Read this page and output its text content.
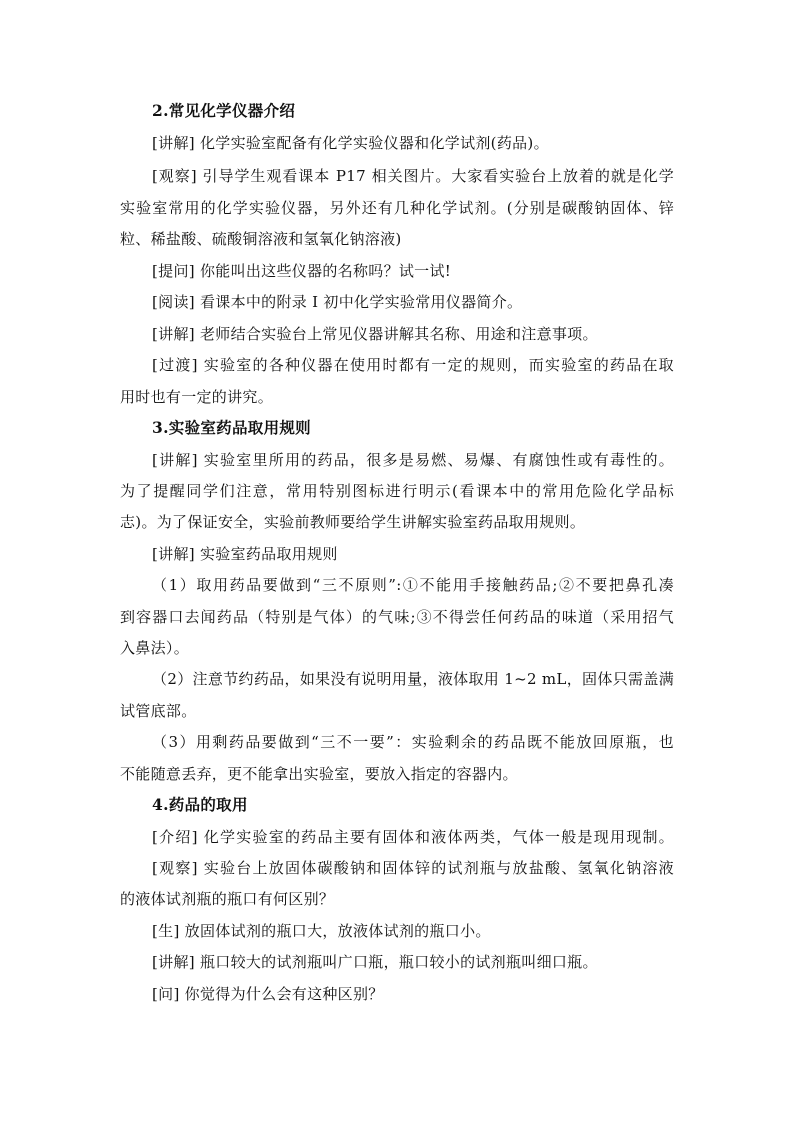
2.常见化学仪器介绍
[讲解] 化学实验室配备有化学实验仪器和化学试剂(药品)。
[观察] 引导学生观看课本 P17 相关图片。大家看实验台上放着的就是化学
实验室常用的化学实验仪器，另外还有几种化学试剂。(分别是碳酸钠固体、锌
粒、稀盐酸、硫酸铜溶液和氢氧化钠溶液)
[提问] 你能叫出这些仪器的名称吗？试一试!
[阅读] 看课本中的附录 I 初中化学实验常用仪器简介。
[讲解] 老师结合实验台上常见仪器讲解其名称、用途和注意事项。
[过渡] 实验室的各种仪器在使用时都有一定的规则，而实验室的药品在取
用时也有一定的讲究。
3.实验室药品取用规则
[讲解] 实验室里所用的药品，很多是易燃、易爆、有腐蚀性或有毒性的。
为了提醒同学们注意，常用特别图标进行明示(看课本中的常用危险化学品标
志)。为了保证安全，实验前教师要给学生讲解实验室药品取用规则。
[讲解] 实验室药品取用规则
（1）取用药品要做到“三不原则”:①不能用手接触药品;②不要把鼻孔凑
到容器口去闻药品（特别是气体）的气味;③不得尝任何药品的味道（采用招气
入鼻法）。
（2）注意节约药品，如果没有说明用量，液体取用 1~2 mL，固体只需盖满
试管底部。
（3）用剩药品要做到“三不一要”：实验剩余的药品既不能放回原瓶，也
不能随意丢弃，更不能拿出实验室，要放入指定的容器内。
4.药品的取用
[介绍] 化学实验室的药品主要有固体和液体两类，气体一般是现用现制。
[观察] 实验台上放固体碳酸钠和固体锌的试剂瓶与放盐酸、氢氧化钠溶液
的液体试剂瓶的瓶口有何区别？
[生] 放固体试剂的瓶口大，放液体试剂的瓶口小。
[讲解] 瓶口较大的试剂瓶叫广口瓶，瓶口较小的试剂瓶叫细口瓶。
[问] 你觉得为什么会有这种区别？
